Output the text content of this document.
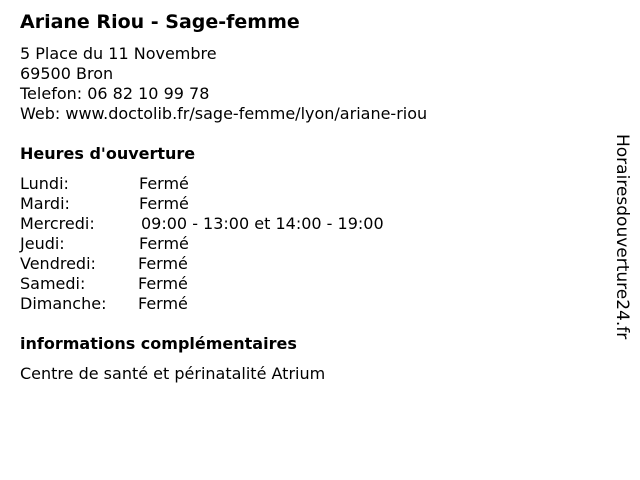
Ariane Riou - Sage-femme
5 Place du 11 Novembre
69500 Bron
Telefon: 06 82 10 99 78
Web: www.doctolib.fr/sage-femme/lyon/ariane-riou
Heures d'ouverture
Lundi:	Fermé
Mardi:	Fermé
Mercredi:	09:00 - 13:00 et 14:00 - 19:00
Jeudi:	Fermé
Vendredi:	Fermé
Samedi:	Fermé
Dimanche: Fermé
informations complémentaires
Centre de santé et périnatalité Atrium
Horairesdouverture24.fr
